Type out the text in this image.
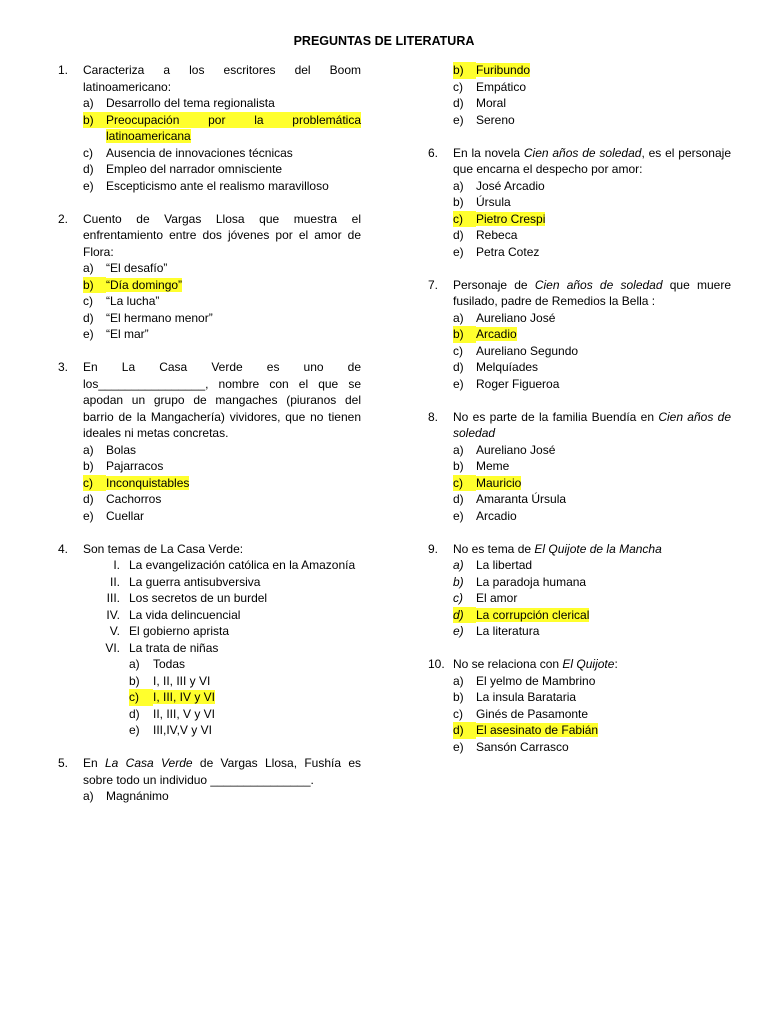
PREGUNTAS DE LITERATURA
1. Caracteriza a los escritores del Boom latinoamericano:
a) Desarrollo del tema regionalista
b)	Preocupación por la problemática
latinoamericana
c) Ausencia de innovaciones técnicas
d) Empleo del narrador omnisciente
e) Escepticismo ante el realismo maravilloso
2. Cuento de Vargas Llosa que muestra el enfrentamiento entre dos jóvenes por el amor de Flora:
a) “El desafío”
b)	“Día domingo”
c) “La lucha”
d) “El hermano menor”
e) “El mar”
3. En La Casa Verde es uno de los________________, nombre con el que se apodan un grupo de mangaches (piuranos del barrio de la Mangachería) vividores, que no tienen ideales ni metas concretas.
a) Bolas
b) Pajarracos
c)	Inconquistables
d) Cachorros
e) Cuellar
4. Son temas de La Casa Verde:
I. La evangelización católica en la Amazonía
II. La guerra antisubversiva
III. Los secretos de un burdel
IV. La vida delincuencial
V. El gobierno aprista
VI. La trata de niñas
a) Todas
b) I, II, III y VI
c)	I, III, IV y VI
d) II, III, V y VI
e) III,IV,V y VI
5. En La Casa Verde de Vargas Llosa, Fushía es sobre todo un individuo _______________.
a) Magnánimo
b)	Furibundo
c) Empático
d) Moral
e) Sereno
6. En la novela Cien años de soledad, es el personaje que encarna el despecho por amor:
a) José Arcadio
b) Úrsula
c)	Pietro Crespi
d) Rebeca
e) Petra Cotez
7. Personaje de Cien años de soledad que muere fusilado, padre de Remedios la Bella :
a) Aureliano José
b)	Arcadio
c) Aureliano Segundo
d) Melquíades
e) Roger Figueroa
8. No es parte de la familia Buendía en Cien años de soledad
a) Aureliano José
b) Meme
c)	Mauricio
d) Amaranta Úrsula
e) Arcadio
9. No es tema de El Quijote de la Mancha
a) La libertad
b) La paradoja humana
c) El amor
d)	La corrupción clerical
e) La literatura
10. No se relaciona con El Quijote:
a) El yelmo de Mambrino
b) La insula Barataria
c) Ginés de Pasamonte
d)	El asesinato de Fabián
e) Sansón Carrasco
